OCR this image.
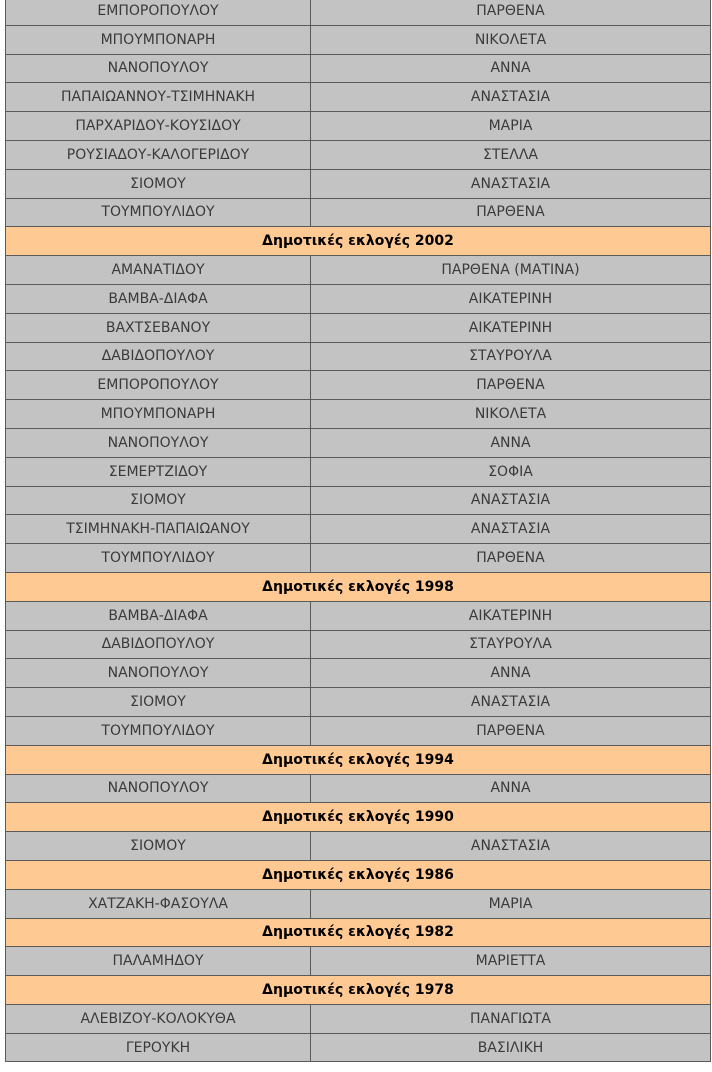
ΕΜΠΟΡΟΠΟΥΛΟΥ	ΠΑΡΘΕΝΑ
ΜΠΟΥΜΠΟΝΑΡΗ	ΝΙΚΟΛΕΤΑ
ΝΑΝΟΠΟΥΛΟΥ	ΑΝΝΑ
ΠΑΠΑΙΩΑΝΝΟΥ-ΤΣΙΜΗΝΑΚΗ	ΑΝΑΣΤΑΣΙΑ
ΠΑΡΧΑΡΙΔΟΥ-ΚΟΥΣΙΔΟΥ	ΜΑΡΙΑ
ΡΟΥΣΙΑΔΟΥ-ΚΑΛΟΓΕΡΙΔΟΥ	ΣΤΕΛΛΑ
ΣΙΟΜΟΥ	ΑΝΑΣΤΑΣΙΑ
ΤΟΥΜΠΟΥΛΙΔΟΥ	ΠΑΡΘΕΝΑ
Δημοτικές εκλογές 2002	
ΑΜΑΝΑΤΙΔΟΥ	ΠΑΡΘΕΝΑ (ΜΑΤΙΝΑ)
ΒΑΜΒΑ-ΔΙΑΦΑ	ΑΙΚΑΤΕΡΙΝΗ
ΒΑΧΤΣΕΒΑΝΟΥ	ΑΙΚΑΤΕΡΙΝΗ
ΔΑΒΙΔΟΠΟΥΛΟΥ	ΣΤΑΥΡΟΥΛΑ
ΕΜΠΟΡΟΠΟΥΛΟΥ	ΠΑΡΘΕΝΑ
ΜΠΟΥΜΠΟΝΑΡΗ	ΝΙΚΟΛΕΤΑ
ΝΑΝΟΠΟΥΛΟΥ	ΑΝΝΑ
ΣΕΜΕΡΤΖΙΔΟΥ	ΣΟΦΙΑ
ΣΙΟΜΟΥ	ΑΝΑΣΤΑΣΙΑ
ΤΣΙΜΗΝΑΚΗ-ΠΑΠΑΙΩΑΝΟΥ	ΑΝΑΣΤΑΣΙΑ
ΤΟΥΜΠΟΥΛΙΔΟΥ	ΠΑΡΘΕΝΑ
Δημοτικές εκλογές 1998	
ΒΑΜΒΑ-ΔΙΑΦΑ	ΑΙΚΑΤΕΡΙΝΗ
ΔΑΒΙΔΟΠΟΥΛΟΥ	ΣΤΑΥΡΟΥΛΑ
ΝΑΝΟΠΟΥΛΟΥ	ΑΝΝΑ
ΣΙΟΜΟΥ	ΑΝΑΣΤΑΣΙΑ
ΤΟΥΜΠΟΥΛΙΔΟΥ	ΠΑΡΘΕΝΑ
Δημοτικές εκλογές 1994	
ΝΑΝΟΠΟΥΛΟΥ	ΑΝΝΑ
Δημοτικές εκλογές 1990	
ΣΙΟΜΟΥ	ΑΝΑΣΤΑΣΙΑ
Δημοτικές εκλογές 1986	
ΧΑΤΖΑΚΗ-ΦΑΣΟΥΛΑ	ΜΑΡΙΑ
Δημοτικές εκλογές 1982	
ΠΑΛΑΜΗΔΟΥ	ΜΑΡΙΕΤΤΑ
Δημοτικές εκλογές 1978	
ΑΛΕΒΙΖΟΥ-ΚΟΛΟΚΥΘΑ	ΠΑΝΑΓΙΩΤΑ
ΓΕΡΟΥΚΗ	ΒΑΣΙΛΙΚΗ
